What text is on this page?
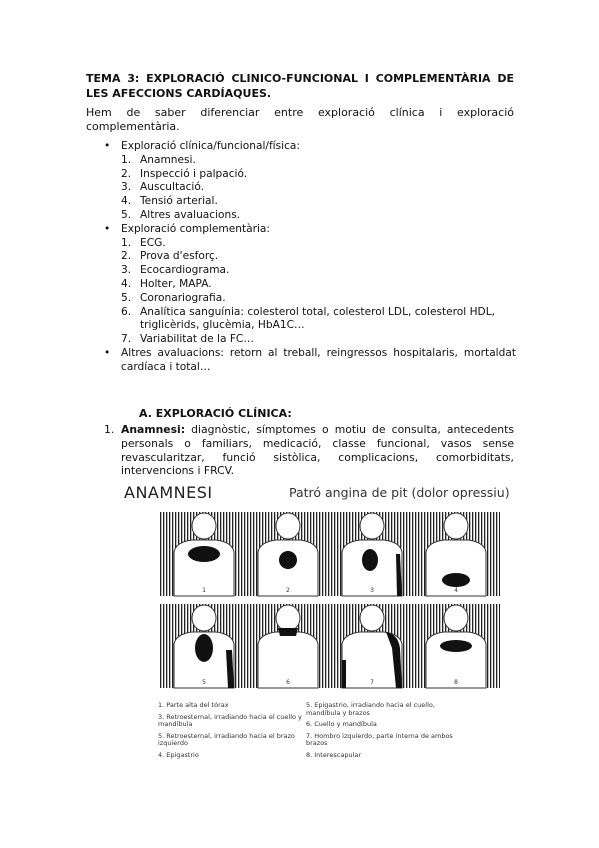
TEMA 3: EXPLORACIÓ CLINICO-FUNCIONAL I COMPLEMENTÀRIA DE LES AFECCIONS CARDÍAQUES.
Hem de saber diferenciar entre exploració clínica i exploració complementària.
• Exploració clínica/funcional/física:
1. Anamnesi.
2. Inspecció i palpació.
3. Auscultació.
4. Tensió arterial.
5. Altres avaluacions.
• Exploració complementària:
1. ECG.
2. Prova d'esforç.
3. Ecocardiograma.
4. Holter, MAPA.
5. Coronariografia.
6. Analítica sanguínia: colesterol total, colesterol LDL, colesterol HDL, triglicèrids, glucèmia, HbA1C…
7. Variabilitat de la FC…
• Altres avaluacions: retorn al treball, reingressos hospitalaris, mortaldat cardíaca i total…
A. EXPLORACIÓ CLÍNICA:
1. Anamnesi: diagnòstic, símptomes o motiu de consulta, antecedents personals o familiars, medicació, classe funcional, vasos sense revascularitzar, funció sistòlica, complicacions, comorbiditats, intervencions i FRCV.
ANAMNESI	Patró angina de pit (dolor opressiu)
1	2	3	4
5	6	7	8
1. Parte alta del tórax
3. Retroesternal, irradiando hacia el cuello y mandíbula
5. Retroesternal, irradiando hacia el brazo izquierdo
4. Epigastrio
5. Epigastrio, irradiando hacia el cuello, mandíbula y brazos
6. Cuello y mandíbula
7. Hombro izquierdo, parte interna de ambos brazos
8. Interescapular
